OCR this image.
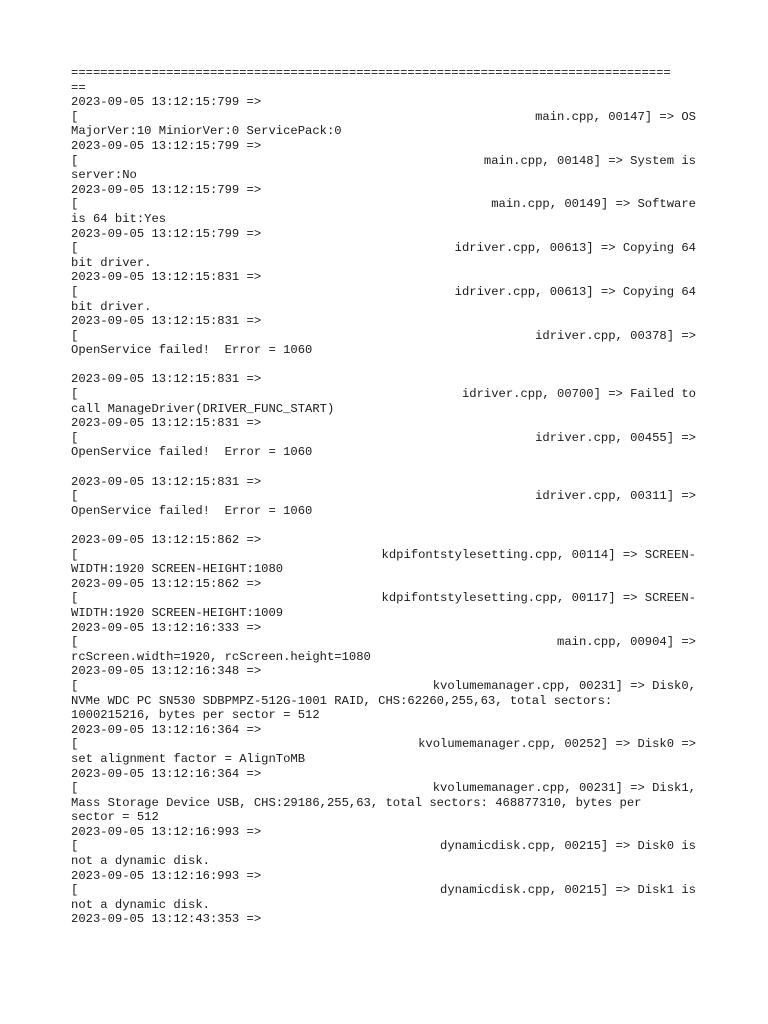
==================================================================================
==
2023-09-05 13:12:15:799 =>
[	main.cpp, 00147] => OS
MajorVer:10 MiniorVer:0 ServicePack:0
2023-09-05 13:12:15:799 =>
[	main.cpp, 00148] => System is
server:No
2023-09-05 13:12:15:799 =>
[	main.cpp, 00149] => Software
is 64 bit:Yes
2023-09-05 13:12:15:799 =>
[	idriver.cpp, 00613] => Copying 64
bit driver.
2023-09-05 13:12:15:831 =>
[	idriver.cpp, 00613] => Copying 64
bit driver.
2023-09-05 13:12:15:831 =>
[	idriver.cpp, 00378] =>
OpenService failed!  Error = 1060
2023-09-05 13:12:15:831 =>
[	idriver.cpp, 00700] => Failed to
call ManageDriver(DRIVER_FUNC_START)
2023-09-05 13:12:15:831 =>
[	idriver.cpp, 00455] =>
OpenService failed!  Error = 1060
2023-09-05 13:12:15:831 =>
[	idriver.cpp, 00311] =>
OpenService failed!  Error = 1060
2023-09-05 13:12:15:862 =>
[	kdpifontstylesetting.cpp, 00114] => SCREEN-
WIDTH:1920 SCREEN-HEIGHT:1080
2023-09-05 13:12:15:862 =>
[	kdpifontstylesetting.cpp, 00117] => SCREEN-
WIDTH:1920 SCREEN-HEIGHT:1009
2023-09-05 13:12:16:333 =>
[	main.cpp, 00904] =>
rcScreen.width=1920, rcScreen.height=1080
2023-09-05 13:12:16:348 =>
[	kvolumemanager.cpp, 00231] => Disk0,
NVMe WDC PC SN530 SDBPMPZ-512G-1001 RAID, CHS:62260,255,63, total sectors:
1000215216, bytes per sector = 512
2023-09-05 13:12:16:364 =>
[	kvolumemanager.cpp, 00252] => Disk0 =>
set alignment factor = AlignToMB
2023-09-05 13:12:16:364 =>
[	kvolumemanager.cpp, 00231] => Disk1,
Mass Storage Device USB, CHS:29186,255,63, total sectors: 468877310, bytes per
sector = 512
2023-09-05 13:12:16:993 =>
[	dynamicdisk.cpp, 00215] => Disk0 is
not a dynamic disk.
2023-09-05 13:12:16:993 =>
[	dynamicdisk.cpp, 00215] => Disk1 is
not a dynamic disk.
2023-09-05 13:12:43:353 =>
